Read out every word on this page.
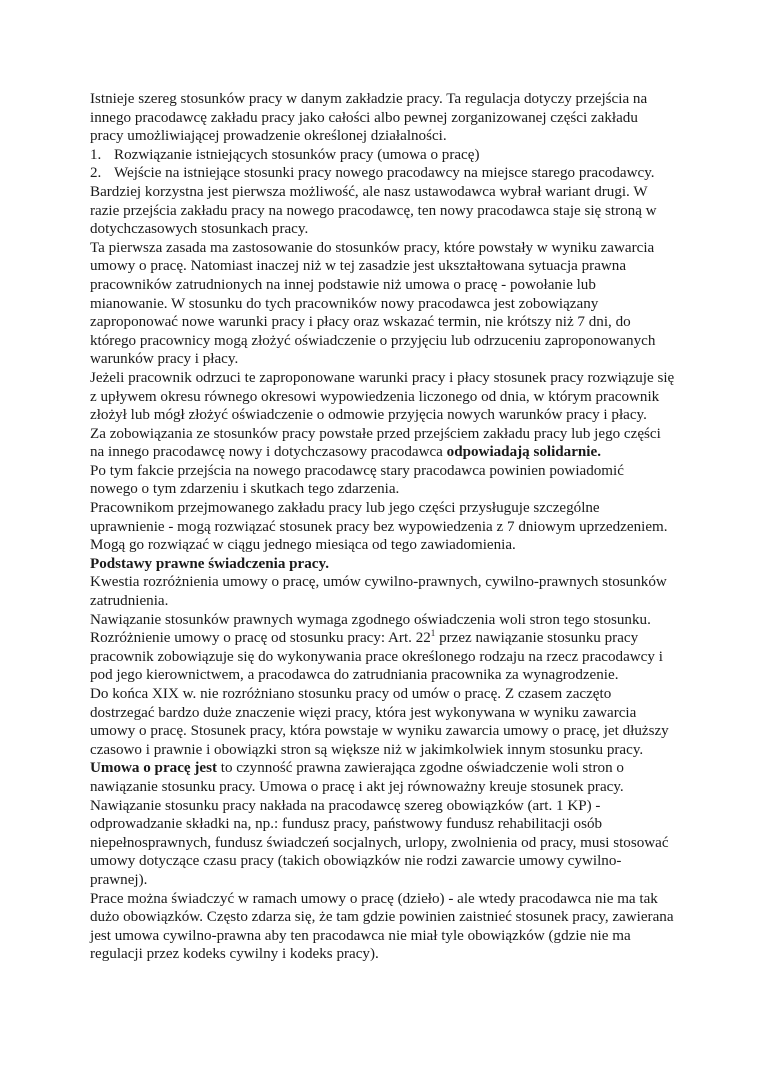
Istnieje szereg stosunków pracy w danym zakładzie pracy. Ta regulacja dotyczy przejścia na innego pracodawcę zakładu pracy jako całości albo pewnej zorganizowanej części zakładu pracy umożliwiającej prowadzenie określonej działalności.

1. Rozwiązanie istniejących stosunków pracy (umowa o pracę)
2. Wejście na istniejące stosunki pracy nowego pracodawcy na miejsce starego pracodawcy.

Bardziej korzystna jest pierwsza możliwość, ale nasz ustawodawca wybrał wariant drugi. W razie przejścia zakładu pracy na nowego pracodawcę, ten nowy pracodawca staje się stroną w dotychczasowych stosunkach pracy.

Ta pierwsza zasada ma zastosowanie do stosunków pracy, które powstały w wyniku zawarcia umowy o pracę. Natomiast inaczej niż w tej zasadzie jest ukształtowana sytuacja prawna pracowników zatrudnionych na innej podstawie niż umowa o pracę - powołanie lub mianowanie. W stosunku do tych pracowników nowy pracodawca jest zobowiązany zaproponować nowe warunki pracy i płacy oraz wskazać termin, nie krótszy niż 7 dni, do którego pracownicy mogą złożyć oświadczenie o przyjęciu lub odrzuceniu zaproponowanych warunków pracy i płacy.

Jeżeli pracownik odrzuci te zaproponowane warunki pracy i płacy stosunek pracy rozwiązuje się z upływem okresu równego okresowi wypowiedzenia liczonego od dnia, w którym pracownik złożył lub mógł złożyć oświadczenie o odmowie przyjęcia nowych warunków pracy i płacy.

Za zobowiązania ze stosunków pracy powstałe przed przejściem zakładu pracy lub jego części na innego pracodawcę nowy i dotychczasowy pracodawca odpowiadają solidarnie.

Po tym fakcie przejścia na nowego pracodawcę stary pracodawca powinien powiadomić nowego o tym zdarzeniu i skutkach tego zdarzenia.

Pracownikom przejmowanego zakładu pracy lub jego części przysługuje szczególne uprawnienie - mogą rozwiązać stosunek pracy bez wypowiedzenia z 7 dniowym uprzedzeniem. Mogą go rozwiązać w ciągu jednego miesiąca od tego zawiadomienia.

Podstawy prawne świadczenia pracy.

Kwestia rozróżnienia umowy o pracę, umów cywilno-prawnych, cywilno-prawnych stosunków zatrudnienia.

Nawiązanie stosunków prawnych wymaga zgodnego oświadczenia woli stron tego stosunku.

Rozróżnienie umowy o pracę od stosunku pracy: Art. $22^1$ przez nawiązanie stosunku pracy pracownik zobowiązuje się do wykonywania prace określonego rodzaju na rzecz pracodawcy i pod jego kierownictwem, a pracodawca do zatrudniania pracownika za wynagrodzenie.

Do końca XIX w. nie rozróżniano stosunku pracy od umów o pracę. Z czasem zaczęto dostrzegać bardzo duże znaczenie więzi pracy, która jest wykonywana w wyniku zawarcia umowy o pracę. Stosunek pracy, która powstaje w wyniku zawarcia umowy o pracę, jet dłuższy czasowo i prawnie i obowiązki stron są większe niż w jakimkolwiek innym stosunku pracy.

Umowa o pracę jest to czynność prawna zawierająca zgodne oświadczenie woli stron o nawiązanie stosunku pracy. Umowa o pracę i akt jej równoważny kreuje stosunek pracy.

Nawiązanie stosunku pracy nakłada na pracodawcę szereg obowiązków (art. 1 KP) - odprowadzanie składki na, np.: fundusz pracy, państwowy fundusz rehabilitacji osób niepełnosprawnych, fundusz świadczeń socjalnych, urlopy, zwolnienia od pracy, musi stosować umowy dotyczące czasu pracy (takich obowiązków nie rodzi zawarcie umowy cywilno-prawnej).

Prace można świadczyć w ramach umowy o pracę (dzieło) - ale wtedy pracodawca nie ma tak dużo obowiązków. Często zdarza się, że tam gdzie powinien zaistnieć stosunek pracy, zawierana jest umowa cywilno-prawna aby ten pracodawca nie miał tyle obowiązków (gdzie nie ma regulacji przez kodeks cywilny i kodeks pracy).
